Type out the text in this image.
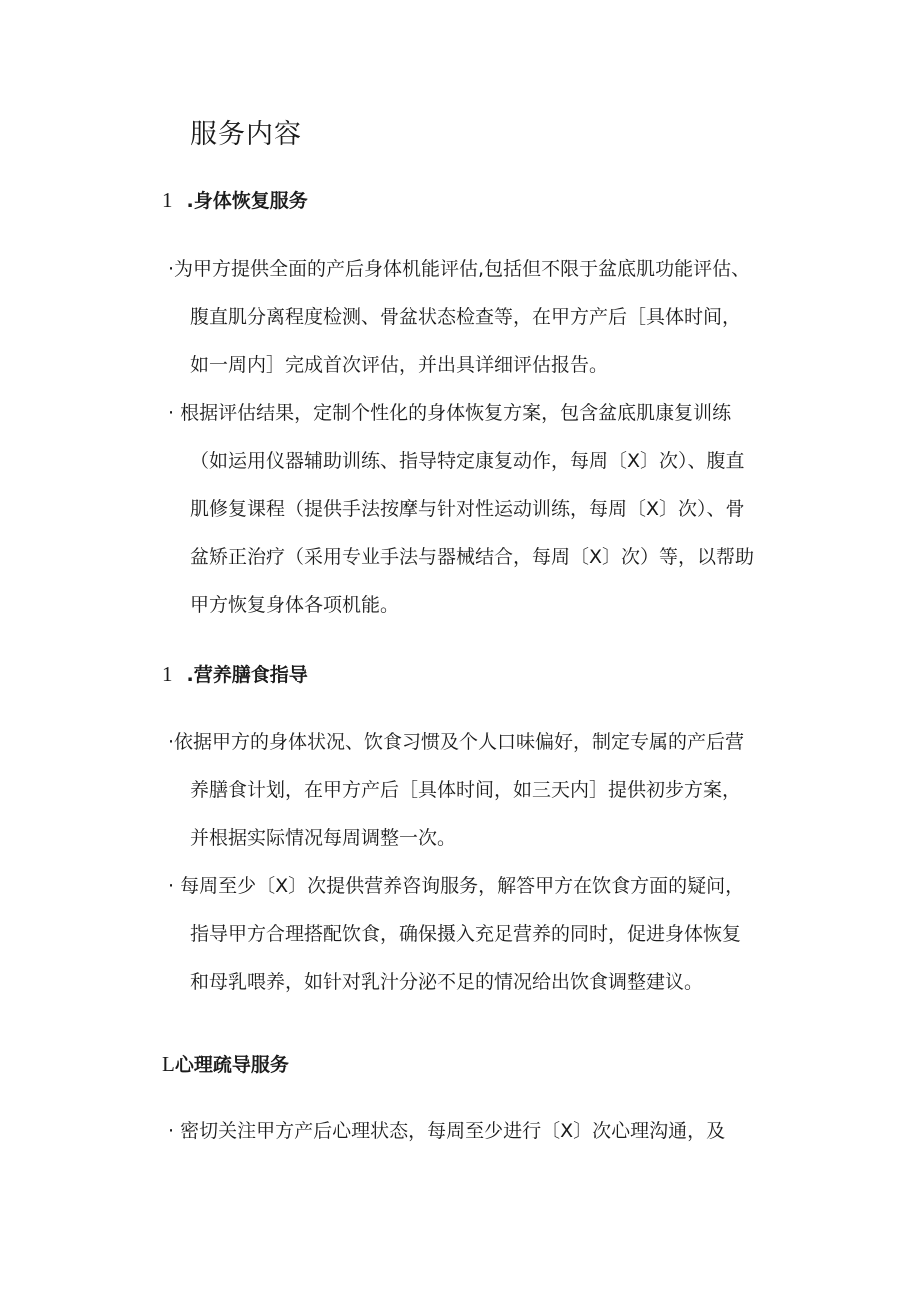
服务内容
1 .身体恢复服务
·为甲方提供全面的产后身体机能评估,包括但不限于盆底肌功能评估、
腹直肌分离程度检测、骨盆状态检查等，在甲方产后［具体时间，
如一周内］完成首次评估，并出具详细评估报告。
· 根据评估结果，定制个性化的身体恢复方案，包含盆底肌康复训练
（如运用仪器辅助训练、指导特定康复动作，每周〔X〕次）、腹直
肌修复课程（提供手法按摩与针对性运动训练，每周〔X〕次）、骨
盆矫正治疗（采用专业手法与器械结合，每周〔X〕次）等，以帮助
甲方恢复身体各项机能。
1 .营养膳食指导
·依据甲方的身体状况、饮食习惯及个人口味偏好，制定专属的产后营
养膳食计划，在甲方产后［具体时间，如三天内］提供初步方案，
并根据实际情况每周调整一次。
· 每周至少〔X〕次提供营养咨询服务，解答甲方在饮食方面的疑问，
指导甲方合理搭配饮食，确保摄入充足营养的同时，促进身体恢复
和母乳喂养，如针对乳汁分泌不足的情况给出饮食调整建议。
L心理疏导服务
· 密切关注甲方产后心理状态，每周至少进行〔X〕次心理沟通，及
